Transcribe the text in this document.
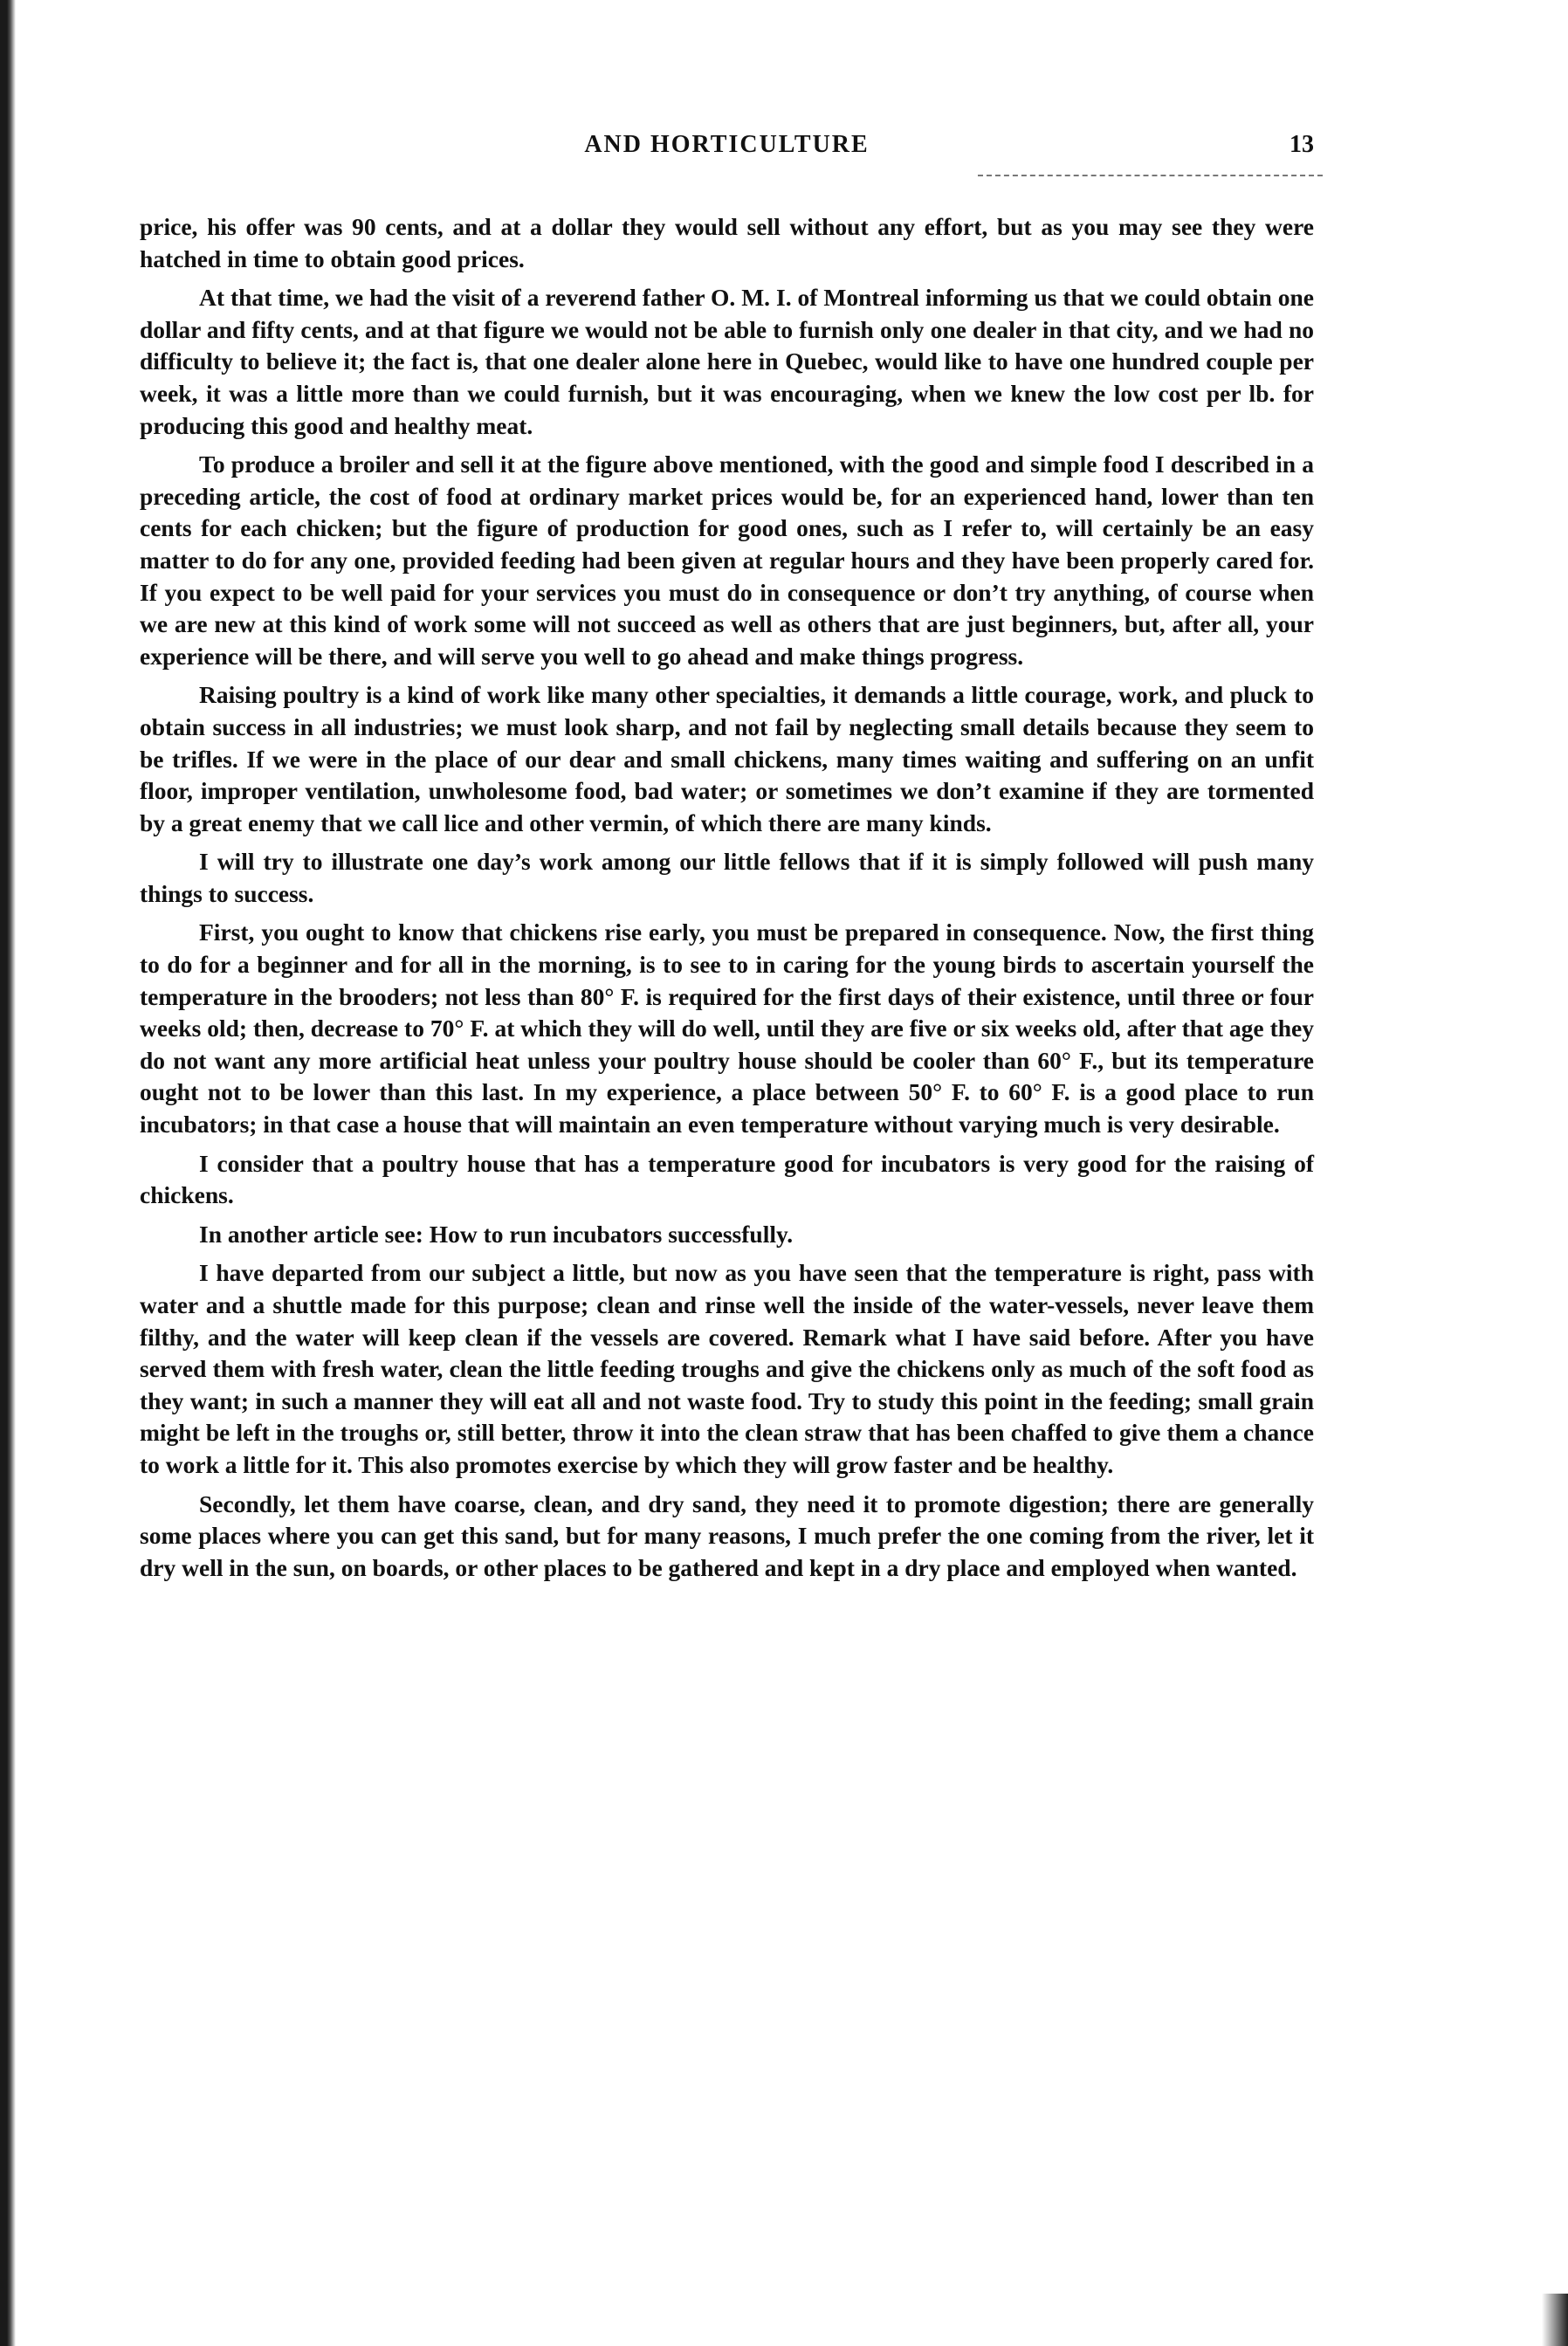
AND HORTICULTURE	13

price, his offer was 90 cents, and at a dollar they would sell without any effort, but as you may see they were hatched in time to obtain good prices.

At that time, we had the visit of a reverend father O. M. I. of Montreal informing us that we could obtain one dollar and fifty cents, and at that figure we would not be able to furnish only one dealer in that city, and we had no difficulty to believe it; the fact is, that one dealer alone here in Quebec, would like to have one hundred couple per week, it was a little more than we could furnish, but it was encouraging, when we knew the low cost per lb. for producing this good and healthy meat.

To produce a broiler and sell it at the figure above mentioned, with the good and simple food I described in a preceding article, the cost of food at ordinary market prices would be, for an experienced hand, lower than ten cents for each chicken; but the figure of production for good ones, such as I refer to, will certainly be an easy matter to do for any one, provided feeding had been given at regular hours and they have been properly cared for. If you expect to be well paid for your services you must do in consequence or don’t try anything, of course when we are new at this kind of work some will not succeed as well as others that are just beginners, but, after all, your experience will be there, and will serve you well to go ahead and make things progress.

Raising poultry is a kind of work like many other specialties, it demands a little courage, work, and pluck to obtain success in all industries; we must look sharp, and not fail by neglecting small details because they seem to be trifles. If we were in the place of our dear and small chickens, many times waiting and suffering on an unfit floor, improper ventilation, unwholesome food, bad water; or sometimes we don’t examine if they are tormented by a great enemy that we call lice and other vermin, of which there are many kinds.

I will try to illustrate one day’s work among our little fellows that if it is simply followed will push many things to success.

First, you ought to know that chickens rise early, you must be prepared in consequence. Now, the first thing to do for a beginner and for all in the morning, is to see to in caring for the young birds to ascertain yourself the temperature in the brooders; not less than 80° F. is required for the first days of their existence, until three or four weeks old; then, decrease to 70° F. at which they will do well, until they are five or six weeks old, after that age they do not want any more artificial heat unless your poultry house should be cooler than 60° F., but its temperature ought not to be lower than this last. In my experience, a place between 50° F. to 60° F. is a good place to run incubators; in that case a house that will maintain an even temperature without varying much is very desirable.

I consider that a poultry house that has a temperature good for incubators is very good for the raising of chickens.

In another article see: How to run incubators successfully.

I have departed from our subject a little, but now as you have seen that the temperature is right, pass with water and a shuttle made for this purpose; clean and rinse well the inside of the water-vessels, never leave them filthy, and the water will keep clean if the vessels are covered. Remark what I have said before. After you have served them with fresh water, clean the little feeding troughs and give the chickens only as much of the soft food as they want; in such a manner they will eat all and not waste food. Try to study this point in the feeding; small grain might be left in the troughs or, still better, throw it into the clean straw that has been chaffed to give them a chance to work a little for it. This also promotes exercise by which they will grow faster and be healthy.

Secondly, let them have coarse, clean, and dry sand, they need it to promote digestion; there are generally some places where you can get this sand, but for many reasons, I much prefer the one coming from the river, let it dry well in the sun, on boards, or other places to be gathered and kept in a dry place and employed when wanted.
